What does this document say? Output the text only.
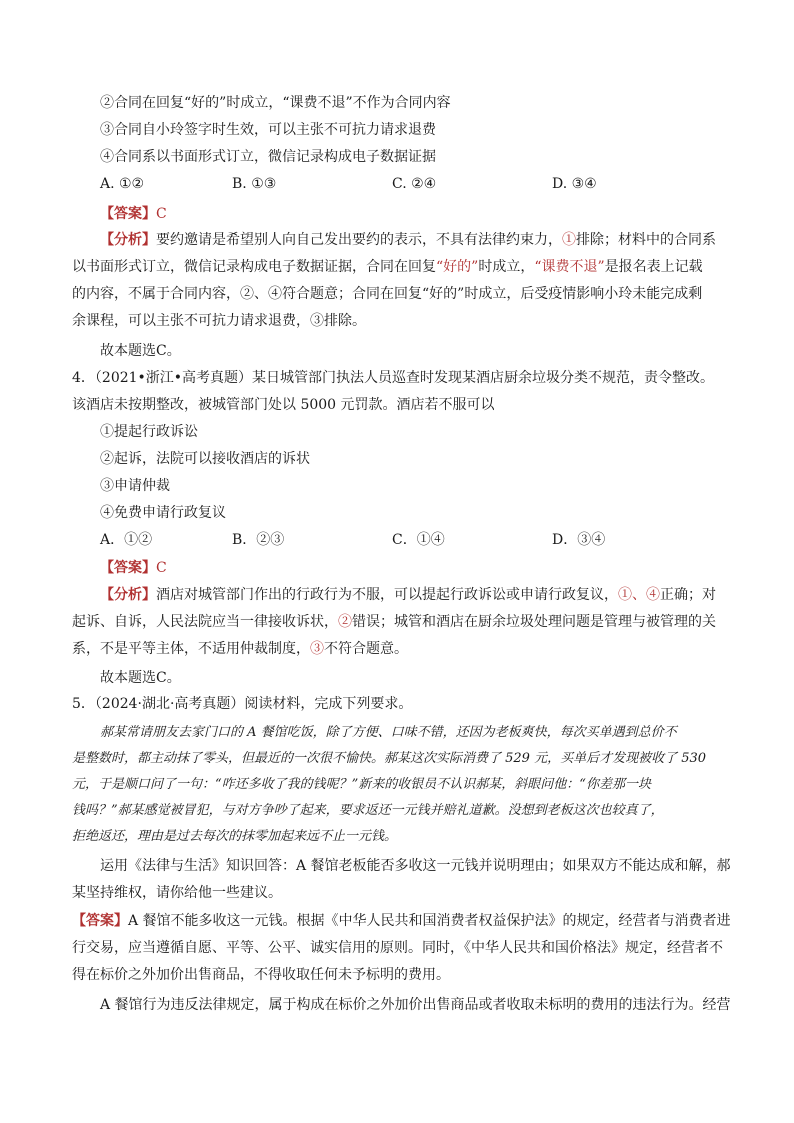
②合同在回复“好的”时成立，“课费不退”不作为合同内容
③合同自小玲签字时生效，可以主张不可抗力请求退费
④合同系以书面形式订立，微信记录构成电子数据证据
A. ①②	B. ①③	C. ②④	D. ③④
【答案】C
【分析】要约邀请是希望别人向自己发出要约的表示，不具有法律约束力，①排除；材料中的合同系
以书面形式订立，微信记录构成电子数据证据，合同在回复“好的”时成立，“课费不退”是报名表上记载
的内容，不属于合同内容，②、④符合题意；合同在回复“好的”时成立，后受疫情影响小玲未能完成剩
余课程，可以主张不可抗力请求退费，③排除。
故本题选C。
4．（2021•浙江•高考真题）某日城管部门执法人员巡查时发现某酒店厨余垃圾分类不规范，责令整改。
该酒店未按期整改，被城管部门处以 5000 元罚款。酒店若不服可以
①提起行政诉讼
②起诉，法院可以接收酒店的诉状
③申请仲裁
④免费申请行政复议
A．①②	B．②③	C．①④	D．③④
【答案】C
【分析】酒店对城管部门作出的行政行为不服，可以提起行政诉讼或申请行政复议，①、④正确；对
起诉、自诉，人民法院应当一律接收诉状，②错误；城管和酒店在厨余垃圾处理问题是管理与被管理的关
系，不是平等主体，不适用仲裁制度，③不符合题意。
故本题选C。
5．（2024·湖北·高考真题）阅读材料，完成下列要求。
郝某常请朋友去家门口的 A 餐馆吃饭，除了方便、口味不错，还因为老板爽快，每次买单遇到总价不
是整数时，都主动抹了零头，但最近的一次很不愉快。郝某这次实际消费了 529 元，买单后才发现被收了 530
元，于是顺口问了一句：“咋还多收了我的钱呢？”新来的收银员不认识郝某，斜眼问他：“你差那一块
钱吗？”郝某感觉被冒犯，与对方争吵了起来，要求返还一元钱并赔礼道歉。没想到老板这次也较真了，
拒绝返还，理由是过去每次的抹零加起来远不止一元钱。
运用《法律与生活》知识回答：A 餐馆老板能否多收这一元钱并说明理由；如果双方不能达成和解，郝
某坚持维权，请你给他一些建议。
【答案】A 餐馆不能多收这一元钱。根据《中华人民共和国消费者权益保护法》的规定，经营者与消费者进
行交易，应当遵循自愿、平等、公平、诚实信用的原则。同时，《中华人民共和国价格法》规定，经营者不
得在标价之外加价出售商品，不得收取任何未予标明的费用。
A 餐馆行为违反法律规定，属于构成在标价之外加价出售商品或者收取未标明的费用的违法行为。经营
